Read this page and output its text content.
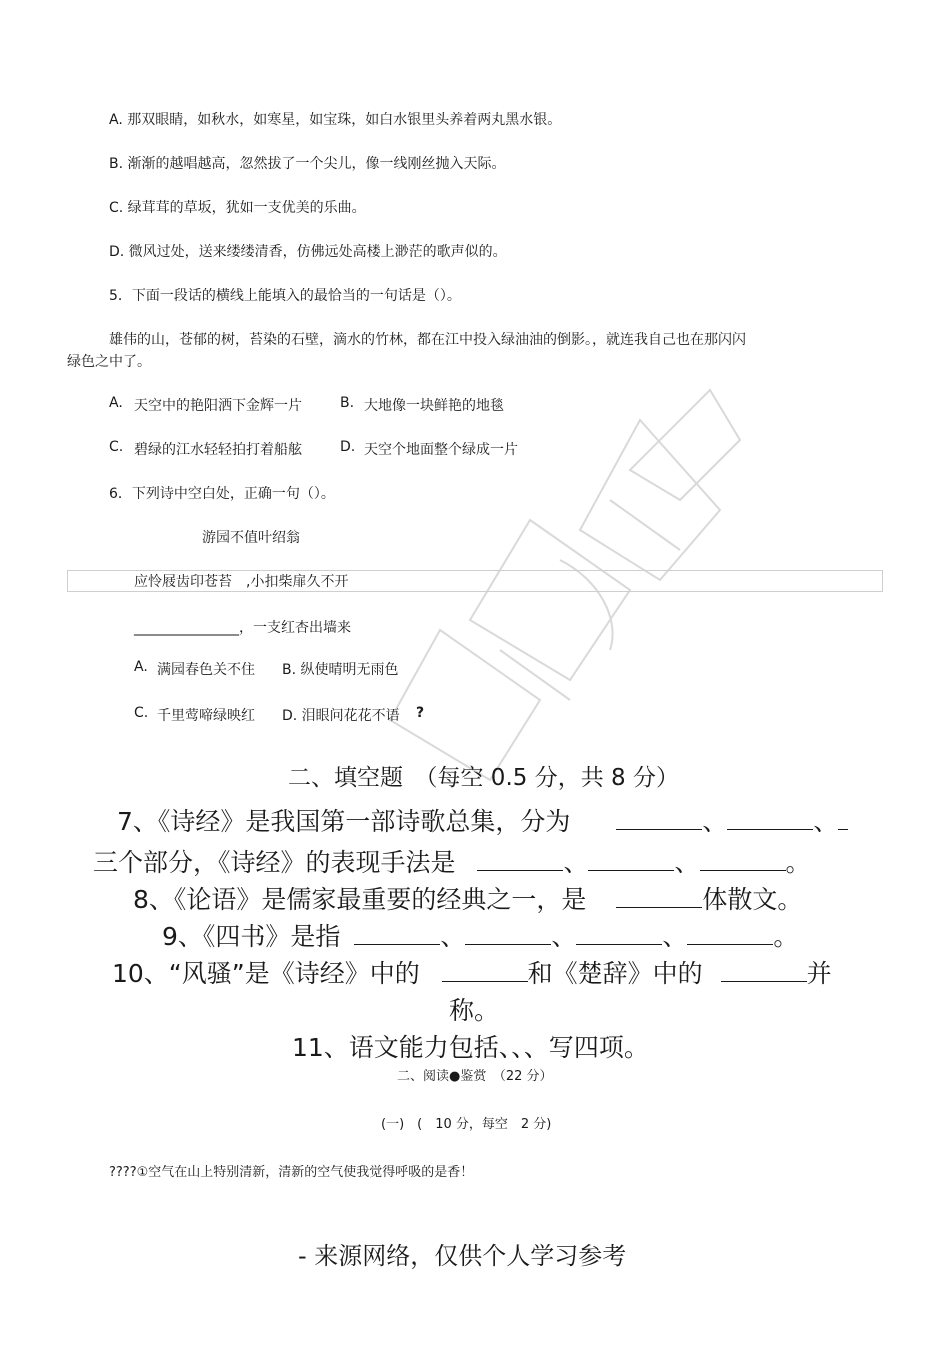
A. 那双眼睛，如秋水，如寒星，如宝珠，如白水银里头养着两丸黑水银。
B. 渐渐的越唱越高，忽然拔了一个尖儿，像一线刚丝抛入天际。
C. 绿茸茸的草坂，犹如一支优美的乐曲。
D. 微风过处，送来缕缕清香，仿佛远处高楼上渺茫的歌声似的。
5．下面一段话的横线上能填入的最恰当的一句话是（）。
雄伟的山，苍郁的树，苔染的石壁，滴水的竹林，都在江中投入绿油油的倒影。，就连我自己也在那闪闪
绿色之中了。
A. 天空中的艳阳洒下金辉一片	B. 大地像一块鲜艳的地毯
C. 碧绿的江水轻轻拍打着船舷	D. 天空个地面整个绿成一片
6．下列诗中空白处，正确一句（）。
游园不值叶绍翁
应怜屐齿印苍苔　,小扣柴扉久不开
_______________，一支红杏出墙来
A. 满园春色关不住 B. 纵使晴明无雨色
C. 千里莺啼绿映红 D. 泪眼问花花不语 ?
二、填空题　（每空 0.5 分，共 8 分）
7、《诗经》是我国第一部诗歌总集，分为	、	、
三个部分，《诗经》的表现手法是	、	、	。
8、《论语》是儒家最重要的经典之一，是	体散文。
9、《四书》是指	、	、	、	。
10、“风骚”是《诗经》中的	和《楚辞》中的	并
称。
11、语文能力包括、、、写四项。
二、阅读●鉴赏　（22 分）
(一)　(　10 分，每空　2 分)
????①空气在山上特别清新，清新的空气使我觉得呼吸的是香！
- 来源网络，仅供个人学习参考
